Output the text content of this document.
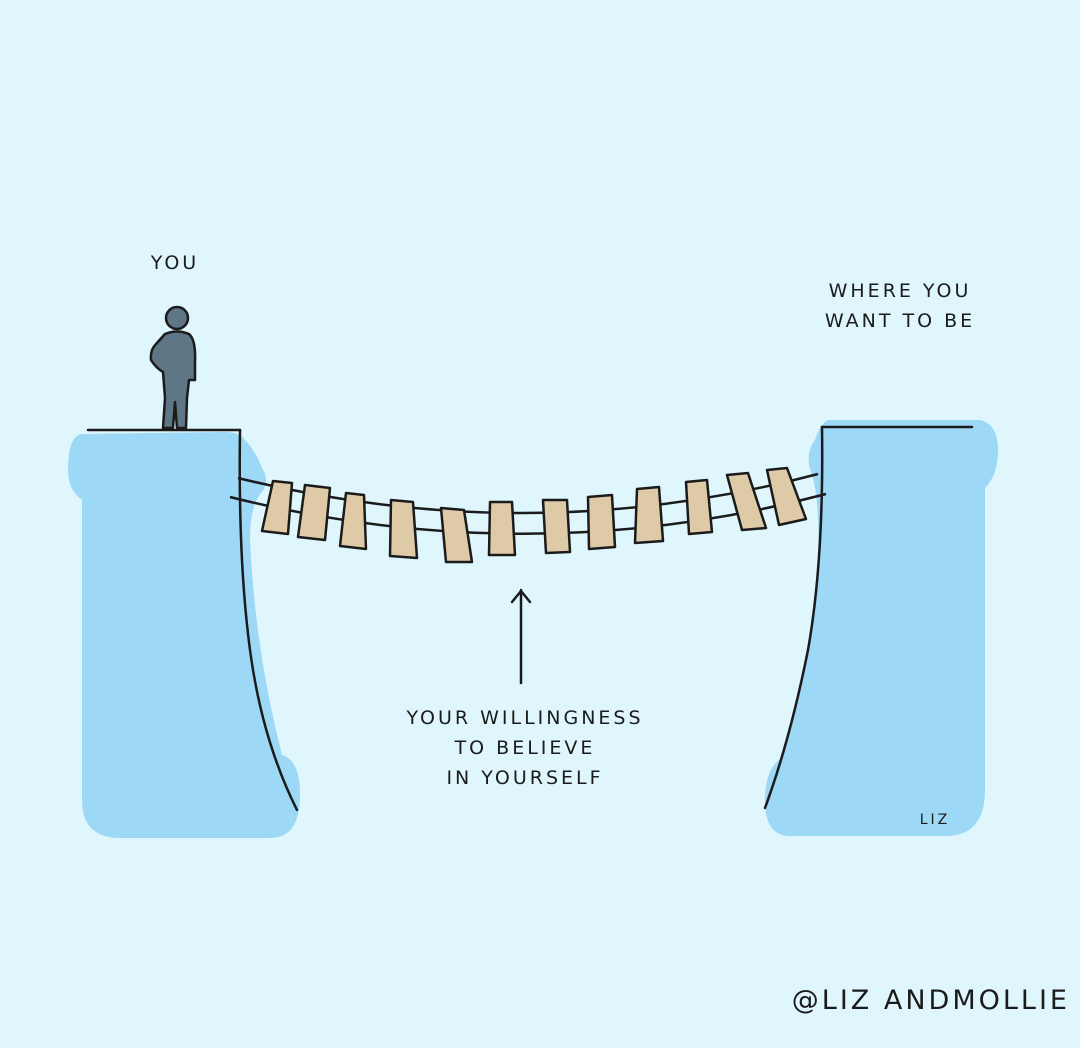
YOU
WHERE YOU
WANT TO BE
YOUR WILLINGNESS
TO BELIEVE
IN YOURSELF
LIZ
@LIZ ANDMOLLIE
